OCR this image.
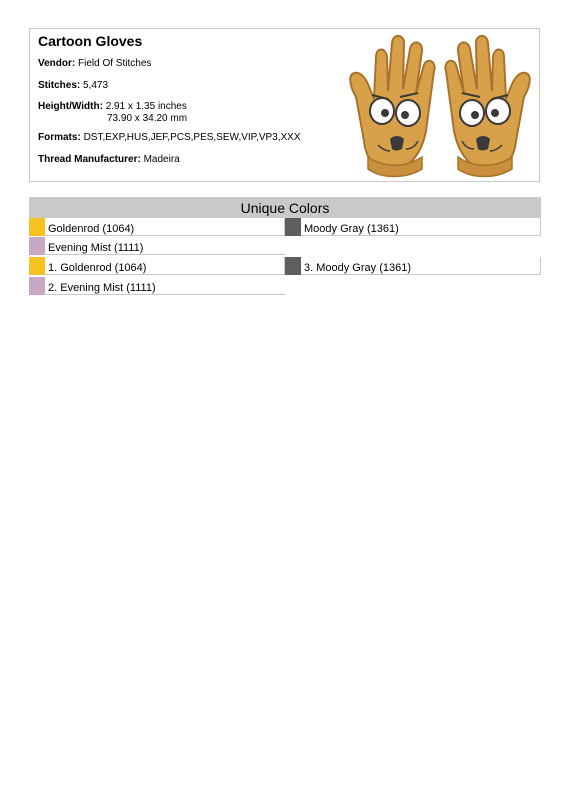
Cartoon Gloves
Vendor: Field Of Stitches
Stitches: 5,473
Height/Width: 2.91 x 1.35 inches
73.90 x 34.20 mm
Formats: DST,EXP,HUS,JEF,PCS,PES,SEW,VIP,VP3,XXX
Thread Manufacturer: Madeira
Unique Colors
Goldenrod (1064)	Moody Gray (1361)
Evening Mist (1111)
1. Goldenrod (1064)	3. Moody Gray (1361)
2. Evening Mist (1111)
